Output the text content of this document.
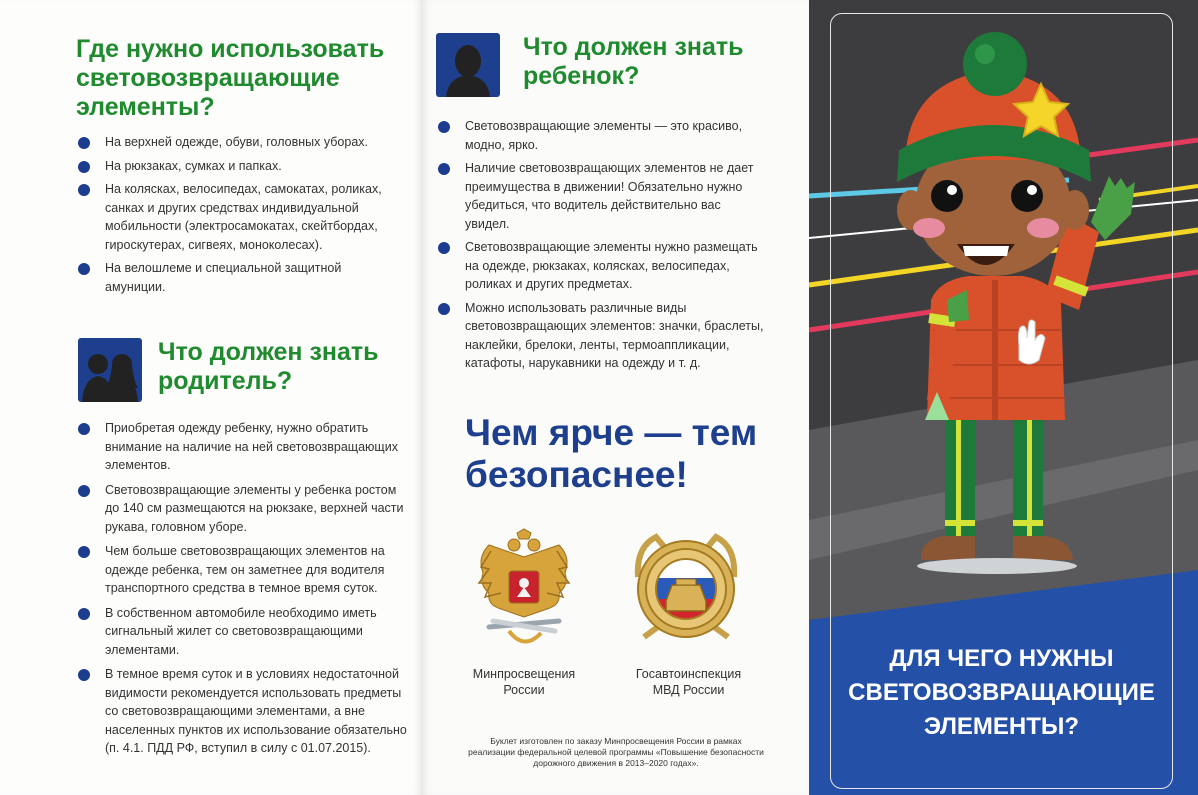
Где нужно использовать
световозвращающие
элементы?
На верхней одежде, обуви, головных уборах.
На рюкзаках, сумках и папках.
На колясках, велосипедах, самокатах, роликах, санках и других средствах индивидуальной мобильности (электросамокатах, скейтбордах, гироскутерах, сигвеях, моноколесах).
На велошлеме и специальной защитной амуниции.
Что должен знать
родитель?
Приобретая одежду ребенку, нужно обратить внимание на наличие на ней световозвращающих элементов.
Световозвращающие элементы у ребенка ростом до 140 см размещаются на рюкзаке, верхней части рукава, головном уборе.
Чем больше световозвращающих элементов на одежде ребенка, тем он заметнее для водителя транспортного средства в темное время суток.
В собственном автомобиле необходимо иметь сигнальный жилет со световозвращающими элементами.
В темное время суток и в условиях недостаточной видимости рекомендуется использовать предметы со световозвращающими элементами, а вне населенных пунктов их использование обязательно (п. 4.1. ПДД РФ, вступил в силу с 01.07.2015).
Что должен знать
ребенок?
Световозвращающие элементы — это красиво, модно, ярко.
Наличие световозвращающих элементов не дает преимущества в движении! Обязательно нужно убедиться, что водитель действительно вас увидел.
Световозвращающие элементы нужно размещать на одежде, рюкзаках, колясках, велосипедах, роликах и других предметах.
Можно использовать различные виды световозвращающих элементов: значки, браслеты, наклейки, брелоки, ленты, термоаппликации, катафоты, нарукавники на одежду и т. д.
Чем ярче — тем
безопаснее!
Минпросвещения
России
Госавтоинспекция
МВД России
Буклет изготовлен по заказу Минпросвещения России в рамках
реализации федеральной целевой программы «Повышение безопасности
дорожного движения в 2013–2020 годах».
ДЛЯ ЧЕГО НУЖНЫ
СВЕТОВОЗВРАЩАЮЩИЕ
ЭЛЕМЕНТЫ?
